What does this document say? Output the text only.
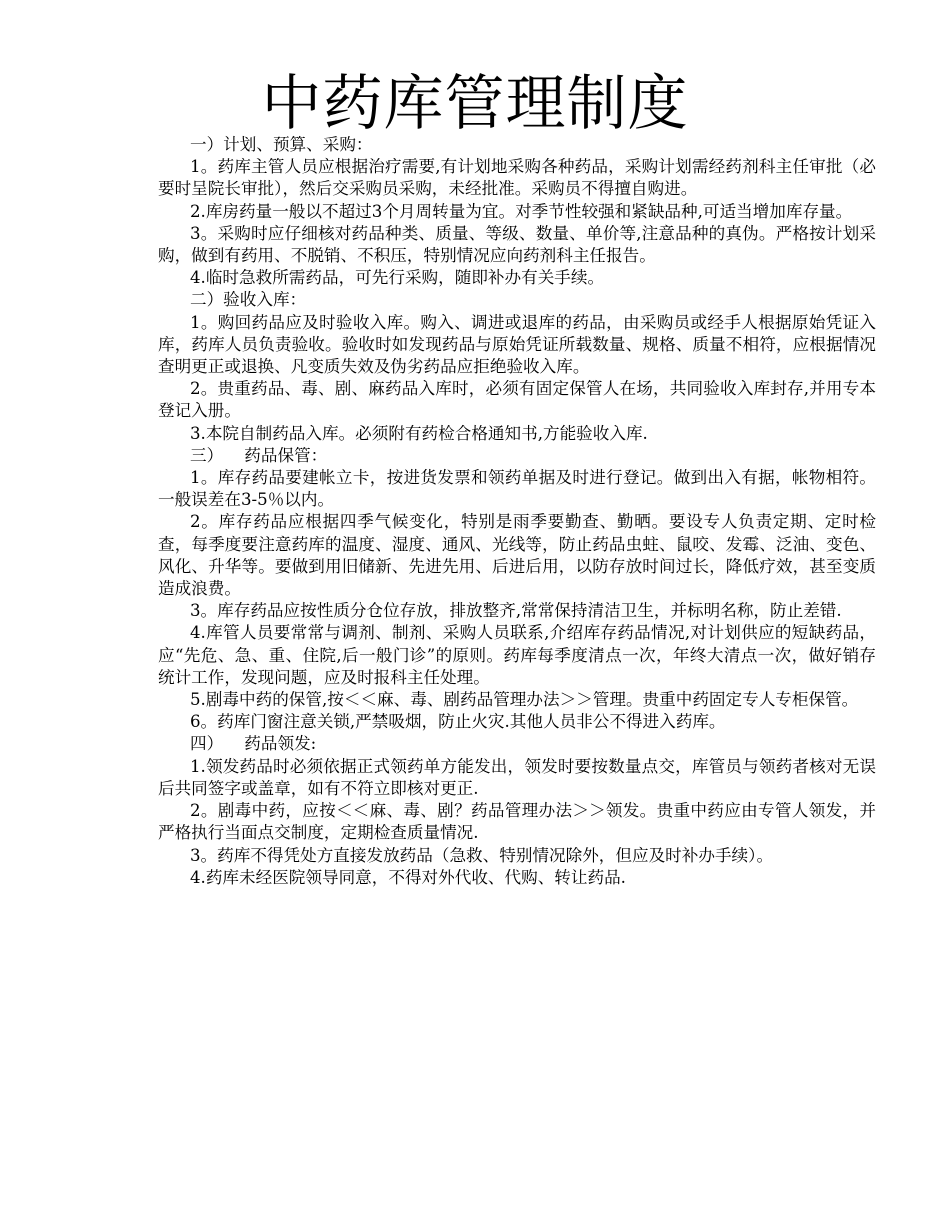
中药库管理制度

一）计划、预算、采购：

1。药库主管人员应根据治疗需要,有计划地采购各种药品，采购计划需经药剂科主任审批（必要时呈院长审批），然后交采购员采购，未经批准。采购员不得擅自购进。

2.库房药量一般以不超过3个月周转量为宜。对季节性较强和紧缺品种,可适当增加库存量。

3。采购时应仔细核对药品种类、质量、等级、数量、单价等,注意品种的真伪。严格按计划采购，做到有药用、不脱销、不积压，特别情况应向药剂科主任报告。

4.临时急救所需药品，可先行采购，随即补办有关手续。

二）验收入库：

1。购回药品应及时验收入库。购入、调进或退库的药品，由采购员或经手人根据原始凭证入库，药库人员负责验收。验收时如发现药品与原始凭证所载数量、规格、质量不相符，应根据情况查明更正或退换、凡变质失效及伪劣药品应拒绝验收入库。

2。贵重药品、毒、剧、麻药品入库时，必须有固定保管人在场，共同验收入库封存,并用专本登记入册。

3.本院自制药品入库。必须附有药检合格通知书,方能验收入库.

三）    药品保管：

1。库存药品要建帐立卡，按进货发票和领药单据及时进行登记。做到出入有据，帐物相符。一般误差在3-5％以内。

2。库存药品应根据四季气候变化，特别是雨季要勤查、勤晒。要设专人负责定期、定时检查，每季度要注意药库的温度、湿度、通风、光线等，防止药品虫蛀、鼠咬、发霉、泛油、变色、风化、升华等。要做到用旧储新、先进先用、后进后用，以防存放时间过长，降低疗效，甚至变质造成浪费。

3。库存药品应按性质分仓位存放，排放整齐,常常保持清洁卫生，并标明名称，防止差错.

4.库管人员要常常与调剂、制剂、采购人员联系,介绍库存药品情况,对计划供应的短缺药品，应“先危、急、重、住院,后一般门诊”的原则。药库每季度清点一次，年终大清点一次，做好销存统计工作，发现问题，应及时报科主任处理。

5.剧毒中药的保管,按＜＜麻、毒、剧药品管理办法＞＞管理。贵重中药固定专人专柜保管。

6。药库门窗注意关锁,严禁吸烟，防止火灾.其他人员非公不得进入药库。

四）    药品领发:

1.领发药品时必须依据正式领药单方能发出，领发时要按数量点交，库管员与领药者核对无误后共同签字或盖章，如有不符立即核对更正.

2。剧毒中药，应按＜＜麻、毒、剧？药品管理办法＞＞领发。贵重中药应由专管人领发，并严格执行当面点交制度，定期检查质量情况.

3。药库不得凭处方直接发放药品（急救、特别情况除外，但应及时补办手续）。

4.药库未经医院领导同意，不得对外代收、代购、转让药品.
